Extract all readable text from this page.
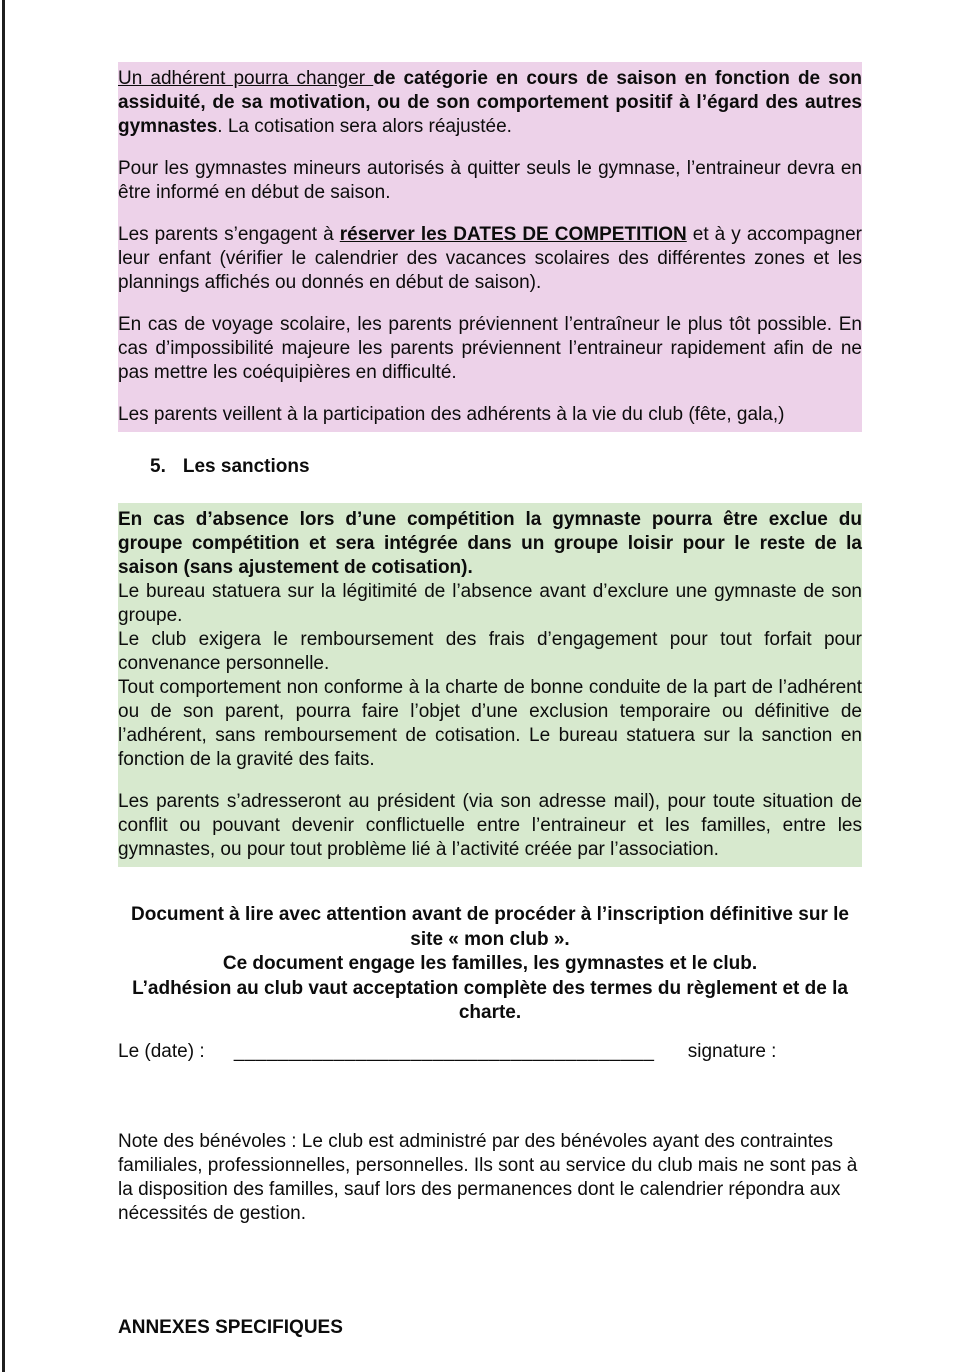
Un adhérent pourra changer de catégorie en cours de saison en fonction de son assiduité, de sa motivation, ou de son comportement positif à l’égard des autres gymnastes. La cotisation sera alors réajustée.

Pour les gymnastes mineurs autorisés à quitter seuls le gymnase, l’entraineur devra en être informé en début de saison.

Les parents s’engagent à réserver les DATES DE COMPETITION et à y accompagner leur enfant (vérifier le calendrier des vacances scolaires des différentes zones et les plannings affichés ou donnés en début de saison).

En cas de voyage scolaire, les parents préviennent l’entraîneur le plus tôt possible. En cas d’impossibilité majeure les parents préviennent l’entraineur rapidement afin de ne pas mettre les coéquipières en difficulté.

Les parents veillent à la participation des adhérents à la vie du club (fête, gala,)

5. Les sanctions

En cas d’absence lors d’une compétition la gymnaste pourra être exclue du groupe compétition et sera intégrée dans un groupe loisir pour le reste de la saison (sans ajustement de cotisation).

Le bureau statuera sur la légitimité de l’absence avant d’exclure une gymnaste de son groupe.

Le club exigera le remboursement des frais d’engagement pour tout forfait pour convenance personnelle.

Tout comportement non conforme à la charte de bonne conduite de la part de l’adhérent ou de son parent, pourra faire l’objet d’une exclusion temporaire ou définitive de l’adhérent, sans remboursement de cotisation. Le bureau statuera sur la sanction en fonction de la gravité des faits.

Les parents s’adresseront au président (via son adresse mail), pour toute situation de conflit ou pouvant devenir conflictuelle entre l’entraineur et les familles, entre les gymnastes, ou pour tout problème lié à l’activité créée par l’association.

Document à lire avec attention avant de procéder à l’inscription définitive sur le site « mon club ».
Ce document engage les familles, les gymnastes et le club.
L’adhésion au club vaut acceptation complète des termes du règlement et de la charte.
Le (date) : ______________________________________ signature :

Note des bénévoles : Le club est administré par des bénévoles ayant des contraintes familiales, professionnelles, personnelles. Ils sont au service du club mais ne sont pas à la disposition des familles, sauf lors des permanences dont le calendrier répondra aux nécessités de gestion.

ANNEXES SPECIFIQUES
